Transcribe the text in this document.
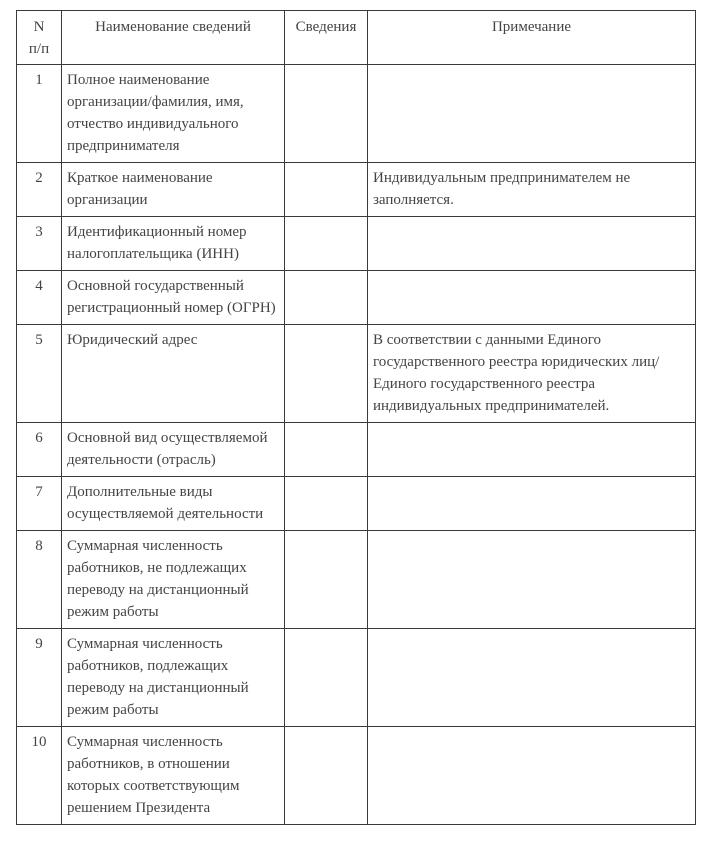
N
п/п	Наименование сведений	Сведения	Примечание
1	Полное наименование организации/фамилия, имя, отчество индивидуального предпринимателя		
2	Краткое наименование организации		Индивидуальным предпринимателем не заполняется.
3	Идентификационный номер налогоплательщика (ИНН)		
4	Основной государственный регистрационный номер (ОГРН)		
5	Юридический адрес		В соответствии с данными Единого государственного реестра юридических лиц/ Единого государственного реестра индивидуальных предпринимателей.
6	Основной вид осуществляемой деятельности (отрасль)		
7	Дополнительные виды осуществляемой деятельности		
8	Суммарная численность работников, не подлежащих переводу на дистанционный режим работы		
9	Суммарная численность работников, подлежащих переводу на дистанционный режим работы		
10	Суммарная численность работников, в отношении которых соответствующим решением Президента		
